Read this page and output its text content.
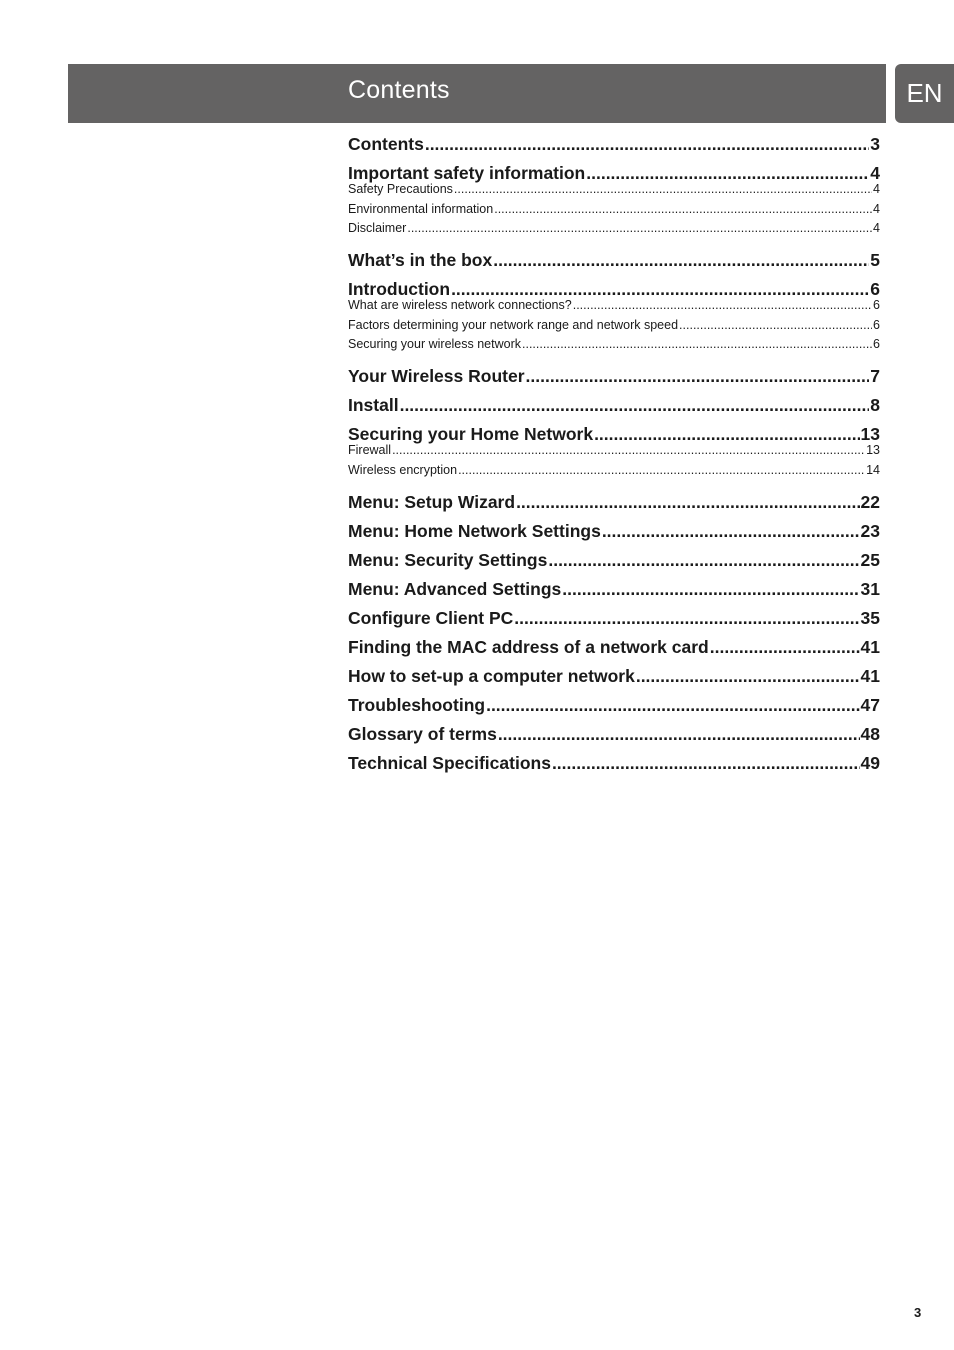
Contents	EN
Contents .....	3
Important safety information .....	4
Safety Precautions .....	4
Environmental information .....	4
Disclaimer .....	4
What’s in the box .....	5
Introduction .....	6
What are wireless network connections? .....	6
Factors determining your network range and network speed .....	6
Securing your wireless network .....	6
Your Wireless Router .....	7
Install .....	8
Securing your Home Network .....	13
Firewall .....	13
Wireless encryption .....	14
Menu: Setup Wizard .....	22
Menu: Home Network Settings .....	23
Menu: Security Settings .....	25
Menu: Advanced Settings .....	31
Configure Client PC .....	35
Finding the MAC address of a network card .....	41
How to set-up a computer network .....	41
Troubleshooting .....	47
Glossary of terms .....	48
Technical Specifications .....	49
3
